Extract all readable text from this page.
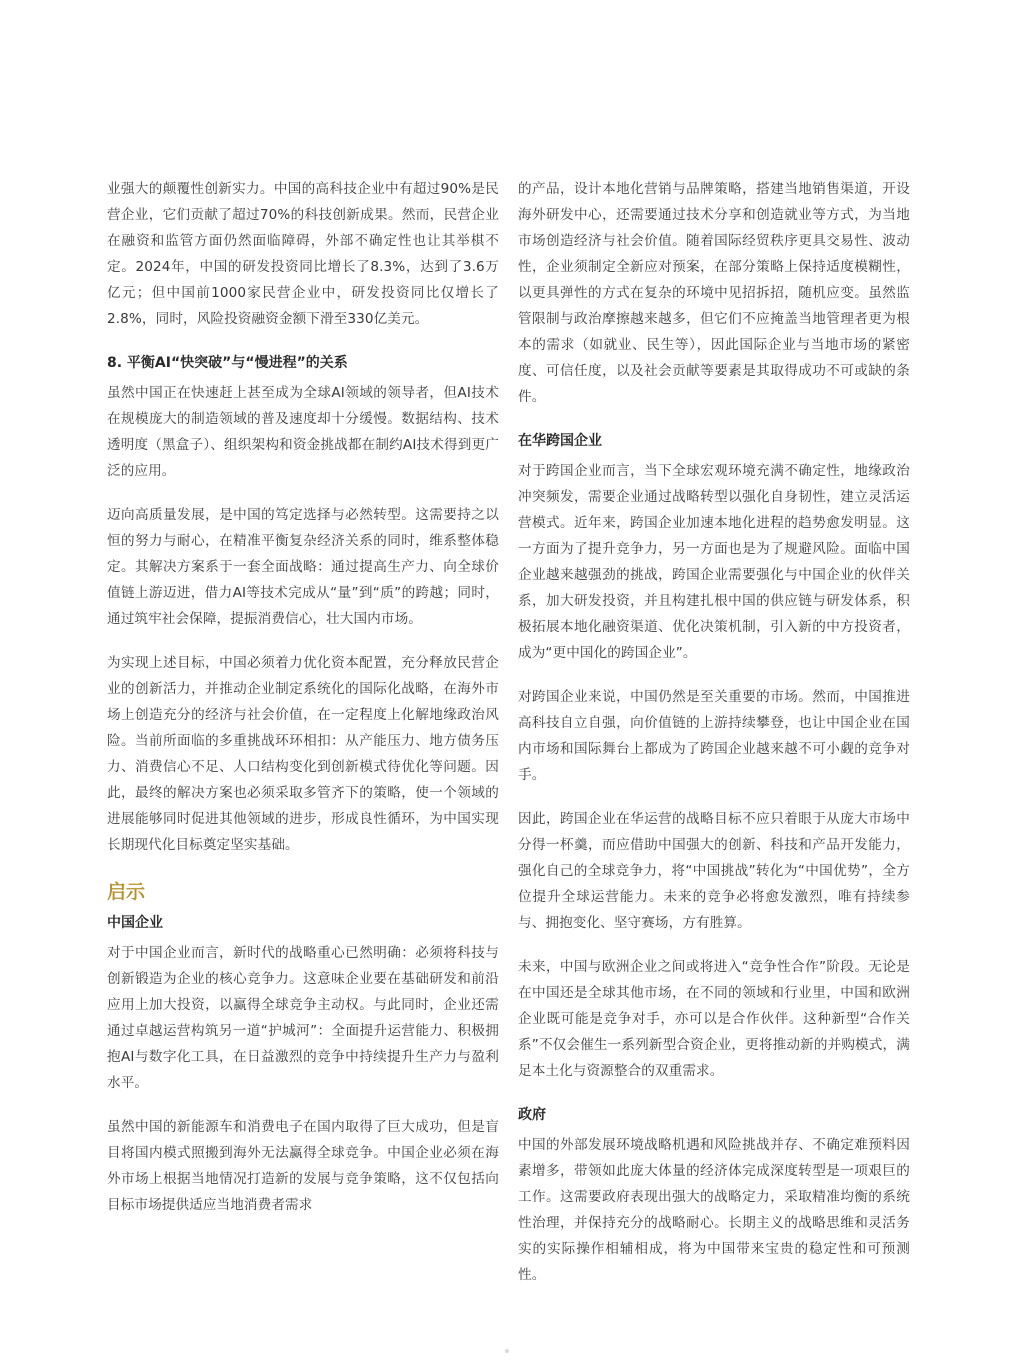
业强大的颠覆性创新实力。中国的高科技企业中有超过90%是民营企业，它们贡献了超过70%的科技创新成果。然而，民营企业在融资和监管方面仍然面临障碍，外部不确定性也让其举棋不定。2024年，中国的研发投资同比增长了8.3%，达到了3.6万亿元；但中国前1000家民营企业中，研发投资同比仅增长了2.8%，同时，风险投资融资金额下滑至330亿美元。

8. 平衡AI“快突破”与“慢进程”的关系

虽然中国正在快速赶上甚至成为全球AI领域的领导者，但AI技术在规模庞大的制造领域的普及速度却十分缓慢。数据结构、技术透明度（黑盒子）、组织架构和资金挑战都在制约AI技术得到更广泛的应用。

迈向高质量发展，是中国的笃定选择与必然转型。这需要持之以恒的努力与耐心，在精准平衡复杂经济关系的同时，维系整体稳定。其解决方案系于一套全面战略：通过提高生产力、向全球价值链上游迈进，借力AI等技术完成从“量”到“质”的跨越；同时，通过筑牢社会保障，提振消费信心，壮大国内市场。

为实现上述目标，中国必须着力优化资本配置，充分释放民营企业的创新活力，并推动企业制定系统化的国际化战略，在海外市场上创造充分的经济与社会价值，在一定程度上化解地缘政治风险。当前所面临的多重挑战环环相扣：从产能压力、地方债务压力、消费信心不足、人口结构变化到创新模式待优化等问题。因此，最终的解决方案也必须采取多管齐下的策略，使一个领域的进展能够同时促进其他领域的进步，形成良性循环，为中国实现长期现代化目标奠定坚实基础。

启示
中国企业

对于中国企业而言，新时代的战略重心已然明确：必须将科技与创新锻造为企业的核心竞争力。这意味企业要在基础研发和前沿应用上加大投资，以赢得全球竞争主动权。与此同时，企业还需通过卓越运营构筑另一道“护城河”：全面提升运营能力、积极拥抱AI与数字化工具，在日益激烈的竞争中持续提升生产力与盈利水平。

虽然中国的新能源车和消费电子在国内取得了巨大成功，但是盲目将国内模式照搬到海外无法赢得全球竞争。中国企业必须在海外市场上根据当地情况打造新的发展与竞争策略，这不仅包括向目标市场提供适应当地消费者需求

的产品，设计本地化营销与品牌策略，搭建当地销售渠道，开设海外研发中心，还需要通过技术分享和创造就业等方式，为当地市场创造经济与社会价值。随着国际经贸秩序更具交易性、波动性，企业须制定全新应对预案，在部分策略上保持适度模糊性，以更具弹性的方式在复杂的环境中见招拆招，随机应变。虽然监管限制与政治摩擦越来越多，但它们不应掩盖当地管理者更为根本的需求（如就业、民生等），因此国际企业与当地市场的紧密度、可信任度，以及社会贡献等要素是其取得成功不可或缺的条件。

在华跨国企业

对于跨国企业而言，当下全球宏观环境充满不确定性，地缘政治冲突频发，需要企业通过战略转型以强化自身韧性，建立灵活运营模式。近年来，跨国企业加速本地化进程的趋势愈发明显。这一方面为了提升竞争力，另一方面也是为了规避风险。面临中国企业越来越强劲的挑战，跨国企业需要强化与中国企业的伙伴关系，加大研发投资，并且构建扎根中国的供应链与研发体系，积极拓展本地化融资渠道、优化决策机制，引入新的中方投资者，成为“更中国化的跨国企业”。

对跨国企业来说，中国仍然是至关重要的市场。然而，中国推进高科技自立自强，向价值链的上游持续攀登，也让中国企业在国内市场和国际舞台上都成为了跨国企业越来越不可小觑的竞争对手。

因此，跨国企业在华运营的战略目标不应只着眼于从庞大市场中分得一杯羹，而应借助中国强大的创新、科技和产品开发能力，强化自己的全球竞争力，将“中国挑战”转化为“中国优势”，全方位提升全球运营能力。未来的竞争必将愈发激烈，唯有持续参与、拥抱变化、坚守赛场，方有胜算。

未来，中国与欧洲企业之间或将进入“竞争性合作”阶段。无论是在中国还是全球其他市场，在不同的领域和行业里，中国和欧洲企业既可能是竞争对手，亦可以是合作伙伴。这种新型“合作关系”不仅会催生一系列新型合资企业，更将推动新的并购模式，满足本土化与资源整合的双重需求。

政府

中国的外部发展环境战略机遇和风险挑战并存、不确定难预料因素增多，带领如此庞大体量的经济体完成深度转型是一项艰巨的工作。这需要政府表现出强大的战略定力，采取精准均衡的系统性治理，并保持充分的战略耐心。长期主义的战略思维和灵活务实的实际操作相辅相成，将为中国带来宝贵的稳定性和可预测性。
